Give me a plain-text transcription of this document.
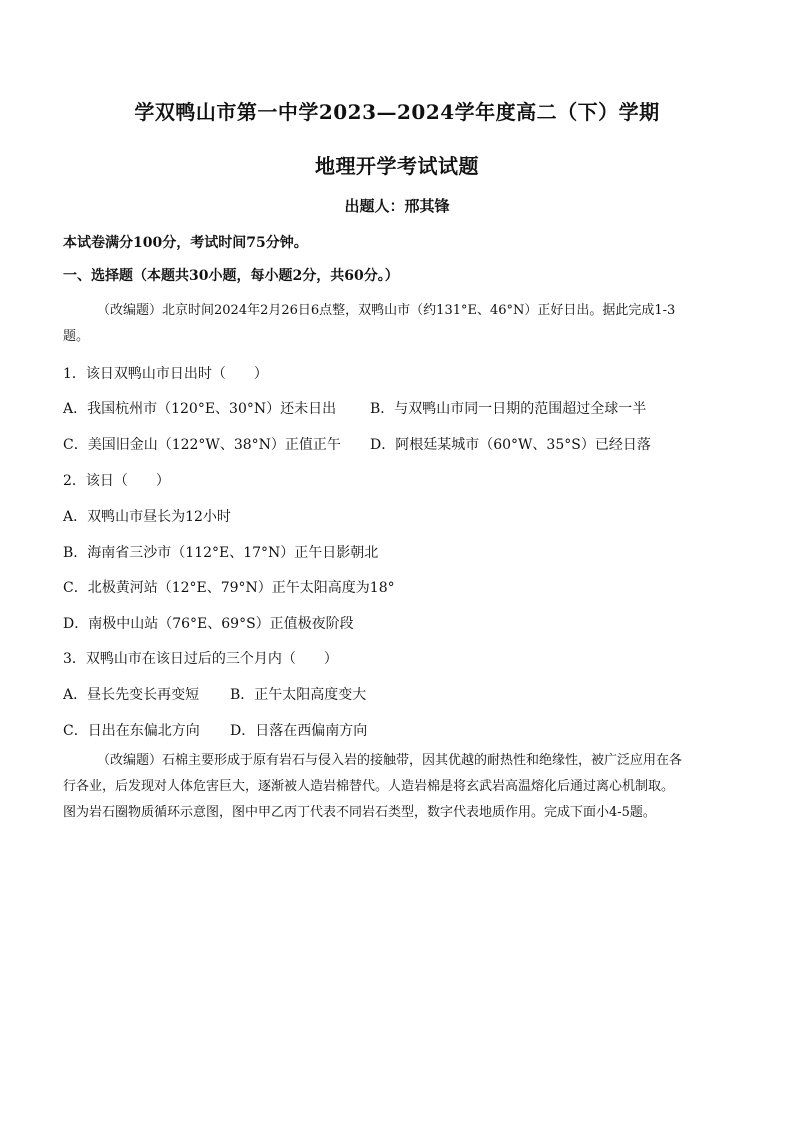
学双鸭山市第一中学2023—2024学年度高二（下）学期
地理开学考试试题
出题人：邢其锋
本试卷满分100分，考试时间75分钟。
一、选择题（本题共30小题，每小题2分，共60分。）
（改编题）北京时间2024年2月26日6点整，双鸭山市（约131°E、46°N）正好日出。据此完成1-3
题。
1．该日双鸭山市日出时（　　）
A．我国杭州市（120°E、30°N）还未日出 B．与双鸭山市同一日期的范围超过全球一半
C．美国旧金山（122°W、38°N）正值正午 D．阿根廷某城市（60°W、35°S）已经日落
2．该日（　　）
A．双鸭山市昼长为12小时
B．海南省三沙市（112°E、17°N）正午日影朝北
C．北极黄河站（12°E、79°N）正午太阳高度为18°
D．南极中山站（76°E、69°S）正值极夜阶段
3．双鸭山市在该日过后的三个月内（　　）
A．昼长先变长再变短 B．正午太阳高度变大
C．日出在东偏北方向 D．日落在西偏南方向
（改编题）石棉主要形成于原有岩石与侵入岩的接触带，因其优越的耐热性和绝缘性，被广泛应用在各
行各业，后发现对人体危害巨大，逐渐被人造岩棉替代。人造岩棉是将玄武岩高温熔化后通过离心机制取。
图为岩石圈物质循环示意图，图中甲乙丙丁代表不同岩石类型，数字代表地质作用。完成下面小4-5题。
